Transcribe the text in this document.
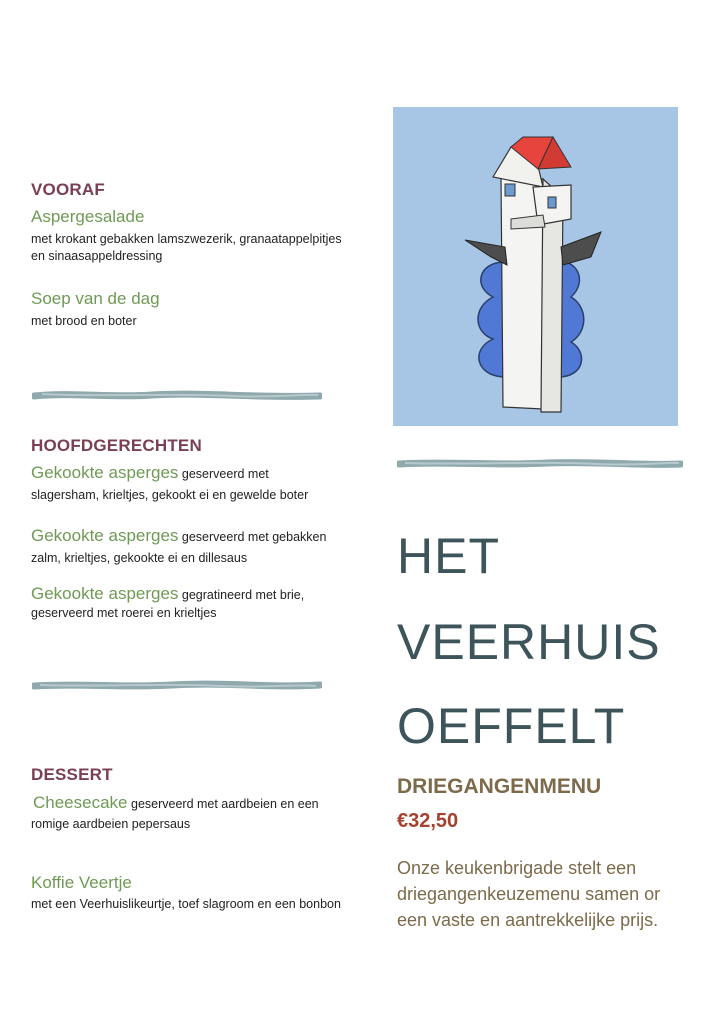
VOORAF
Aspergesalade
met krokant gebakken lamszwezerik, granaatappelpitjes
en sinaasappeldressing
Soep van de dag
met brood en boter
HOOFDGERECHTEN
Gekookte asperges geserveerd met
slagersham, krieltjes, gekookt ei en gewelde boter
Gekookte asperges geserveerd met gebakken
zalm, krieltjes, gekookte ei en dillesaus
Gekookte asperges gegratineerd met brie,
geserveerd met roerei en krieltjes
DESSERT
Cheesecake geserveerd met aardbeien en een
romige aardbeien pepersaus
Koffie Veertje
met een Veerhuislikeurtje, toef slagroom en een bonbon
HET
VEERHUIS
OEFFELT
DRIEGANGENMENU
€32,50
Onze keukenbrigade stelt een
driegangenkeuzemenu samen or
een vaste en aantrekkelijke prijs.
